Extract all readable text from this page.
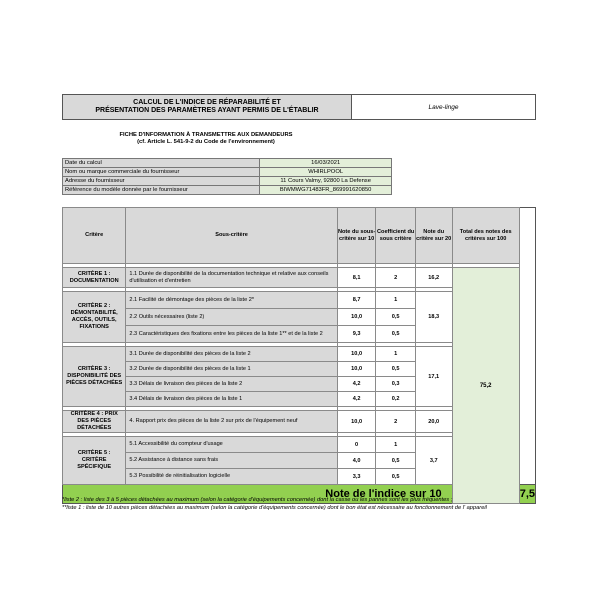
CALCUL DE L'INDICE DE RÉPARABILITÉ ET
PRÉSENTATION DES PARAMÈTRES AYANT PERMIS DE L'ÉTABLIR	Lave-linge
FICHE D'INFORMATION À TRANSMETTRE AUX DEMANDEURS
(cf. Article L. 541-9-2 du Code de l'environnement)
Date du calcul	16/03/2021
Nom ou marque commerciale du fournisseur	WHIRLPOOL
Adresse du fournisseur	11 Cours Valmy, 92800 La Defense
Référence du modèle donnée par le fournisseur	BIWMWG71483FR_869991620850
Critère	Sous-critère	Note du sous-critère sur 10	Coefficient du sous critère	Note du critère sur 20	Total des notes des critères sur 100	

CRITÈRE 1 : DOCUMENTATION	1.1 Durée de disponibilité de la documentation technique et relative aux conseils d'utilisation et d'entretien	8,1	2	16,2	75,2	

CRITÈRE 2 : DÉMONTABILITÉ, ACCÈS, OUTILS, FIXATIONS	2.1 Facilité de démontage des pièces de la liste 2*	8,7	1	18,3		
	2.2 Outils nécessaires (liste 2)	10,0	0,5			
	2.3 Caractéristiques des fixations entre les pièces de la liste 1** et de la liste 2	9,3	0,5			

CRITÈRE 3 : DISPONIBILITÉ DES PIÈCES DÉTACHÉES	3.1 Durée de disponibilité des pièces de la liste 2	10,0	1	17,1		
	3.2 Durée de disponibilité des pièces de la liste 1	10,0	0,5			
	3.3 Délais de livraison des pièces de la liste 2	4,2	0,3			
	3.4 Délais de livraison des pièces de la liste 1	4,2	0,2			

CRITÈRE 4 : PRIX DES PIÈCES DÉTACHÉES	4. Rapport prix des pièces de la liste 2 sur prix de l'équipement neuf	10,0	2	20,0		

CRITÈRE 5 : CRITÈRE SPÉCIFIQUE	5.1 Accessibilité du compteur d'usage	0	1	3,7		
	5.2 Assistance à distance sans frais	4,0	0,5			
	5.3 Possibilité de réinitialisation logicielle	3,3	0,5			
Note de l'indice sur 10						7,5
*liste 2 : liste des 3 à 5 pièces détachées au maximum (selon la catégorie d'équipements concernée) dont la casse ou les pannes sont les plus fréquentes ;
**liste 1 : liste de 10 autres pièces détachées au maximum (selon la catégorie d'équipements concernée) dont le bon état est nécessaire au fonctionnement de l' appareil
